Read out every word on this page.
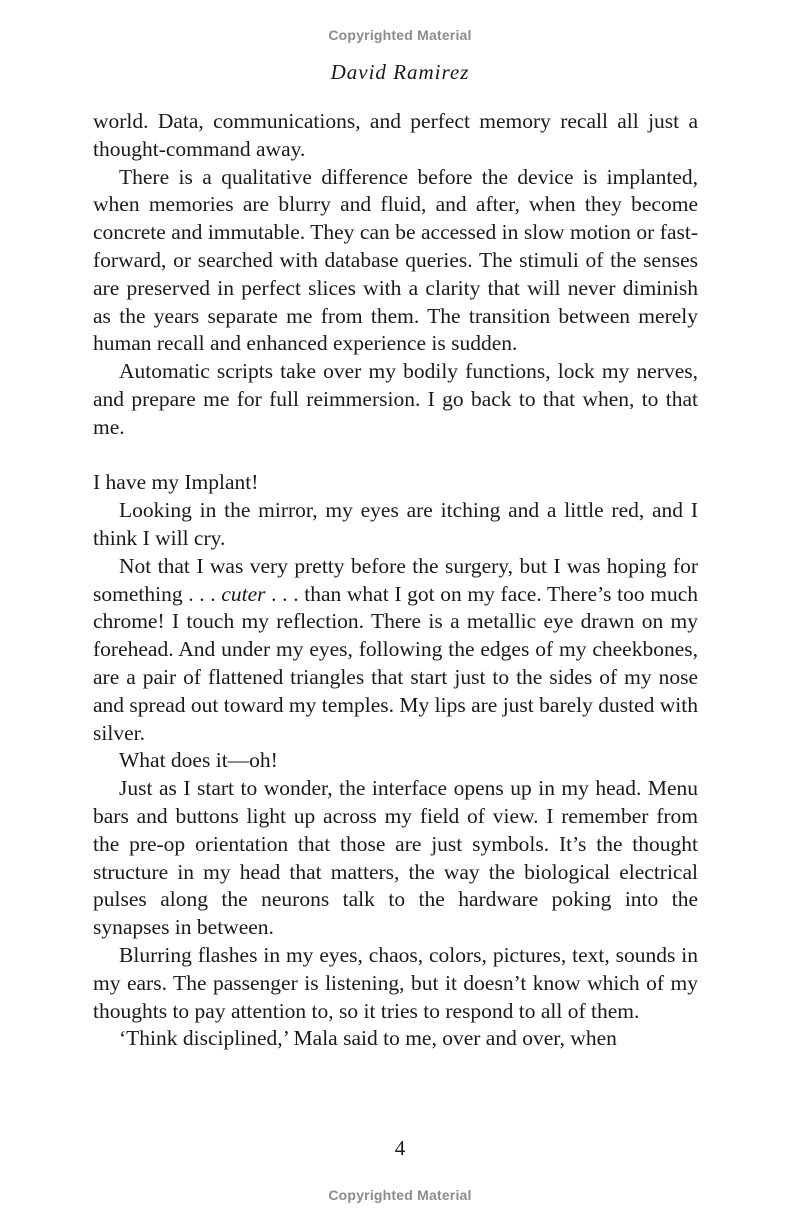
Copyrighted Material
David Ramirez

world. Data, communications, and perfect memory recall all just a thought-command away.

There is a qualitative difference before the device is implanted, when memories are blurry and fluid, and after, when they become concrete and immutable. They can be accessed in slow motion or fast-forward, or searched with database queries. The stimuli of the senses are preserved in perfect slices with a clarity that will never diminish as the years separate me from them. The transition between merely human recall and enhanced experience is sudden.

Automatic scripts take over my bodily functions, lock my nerves, and prepare me for full reimmersion. I go back to that when, to that me.

I have my Implant!

Looking in the mirror, my eyes are itching and a little red, and I think I will cry.

Not that I was very pretty before the surgery, but I was hoping for something . . . cuter . . . than what I got on my face. There’s too much chrome! I touch my reflection. There is a metallic eye drawn on my forehead. And under my eyes, following the edges of my cheekbones, are a pair of flattened triangles that start just to the sides of my nose and spread out toward my temples. My lips are just barely dusted with silver.

What does it—oh!

Just as I start to wonder, the interface opens up in my head. Menu bars and buttons light up across my field of view. I remember from the pre-op orientation that those are just symbols. It’s the thought structure in my head that matters, the way the biological electrical pulses along the neurons talk to the hardware poking into the synapses in between.

Blurring flashes in my eyes, chaos, colors, pictures, text, sounds in my ears. The passenger is listening, but it doesn’t know which of my thoughts to pay attention to, so it tries to respond to all of them.

‘Think disciplined,’ Mala said to me, over and over, when

4
Copyrighted Material
